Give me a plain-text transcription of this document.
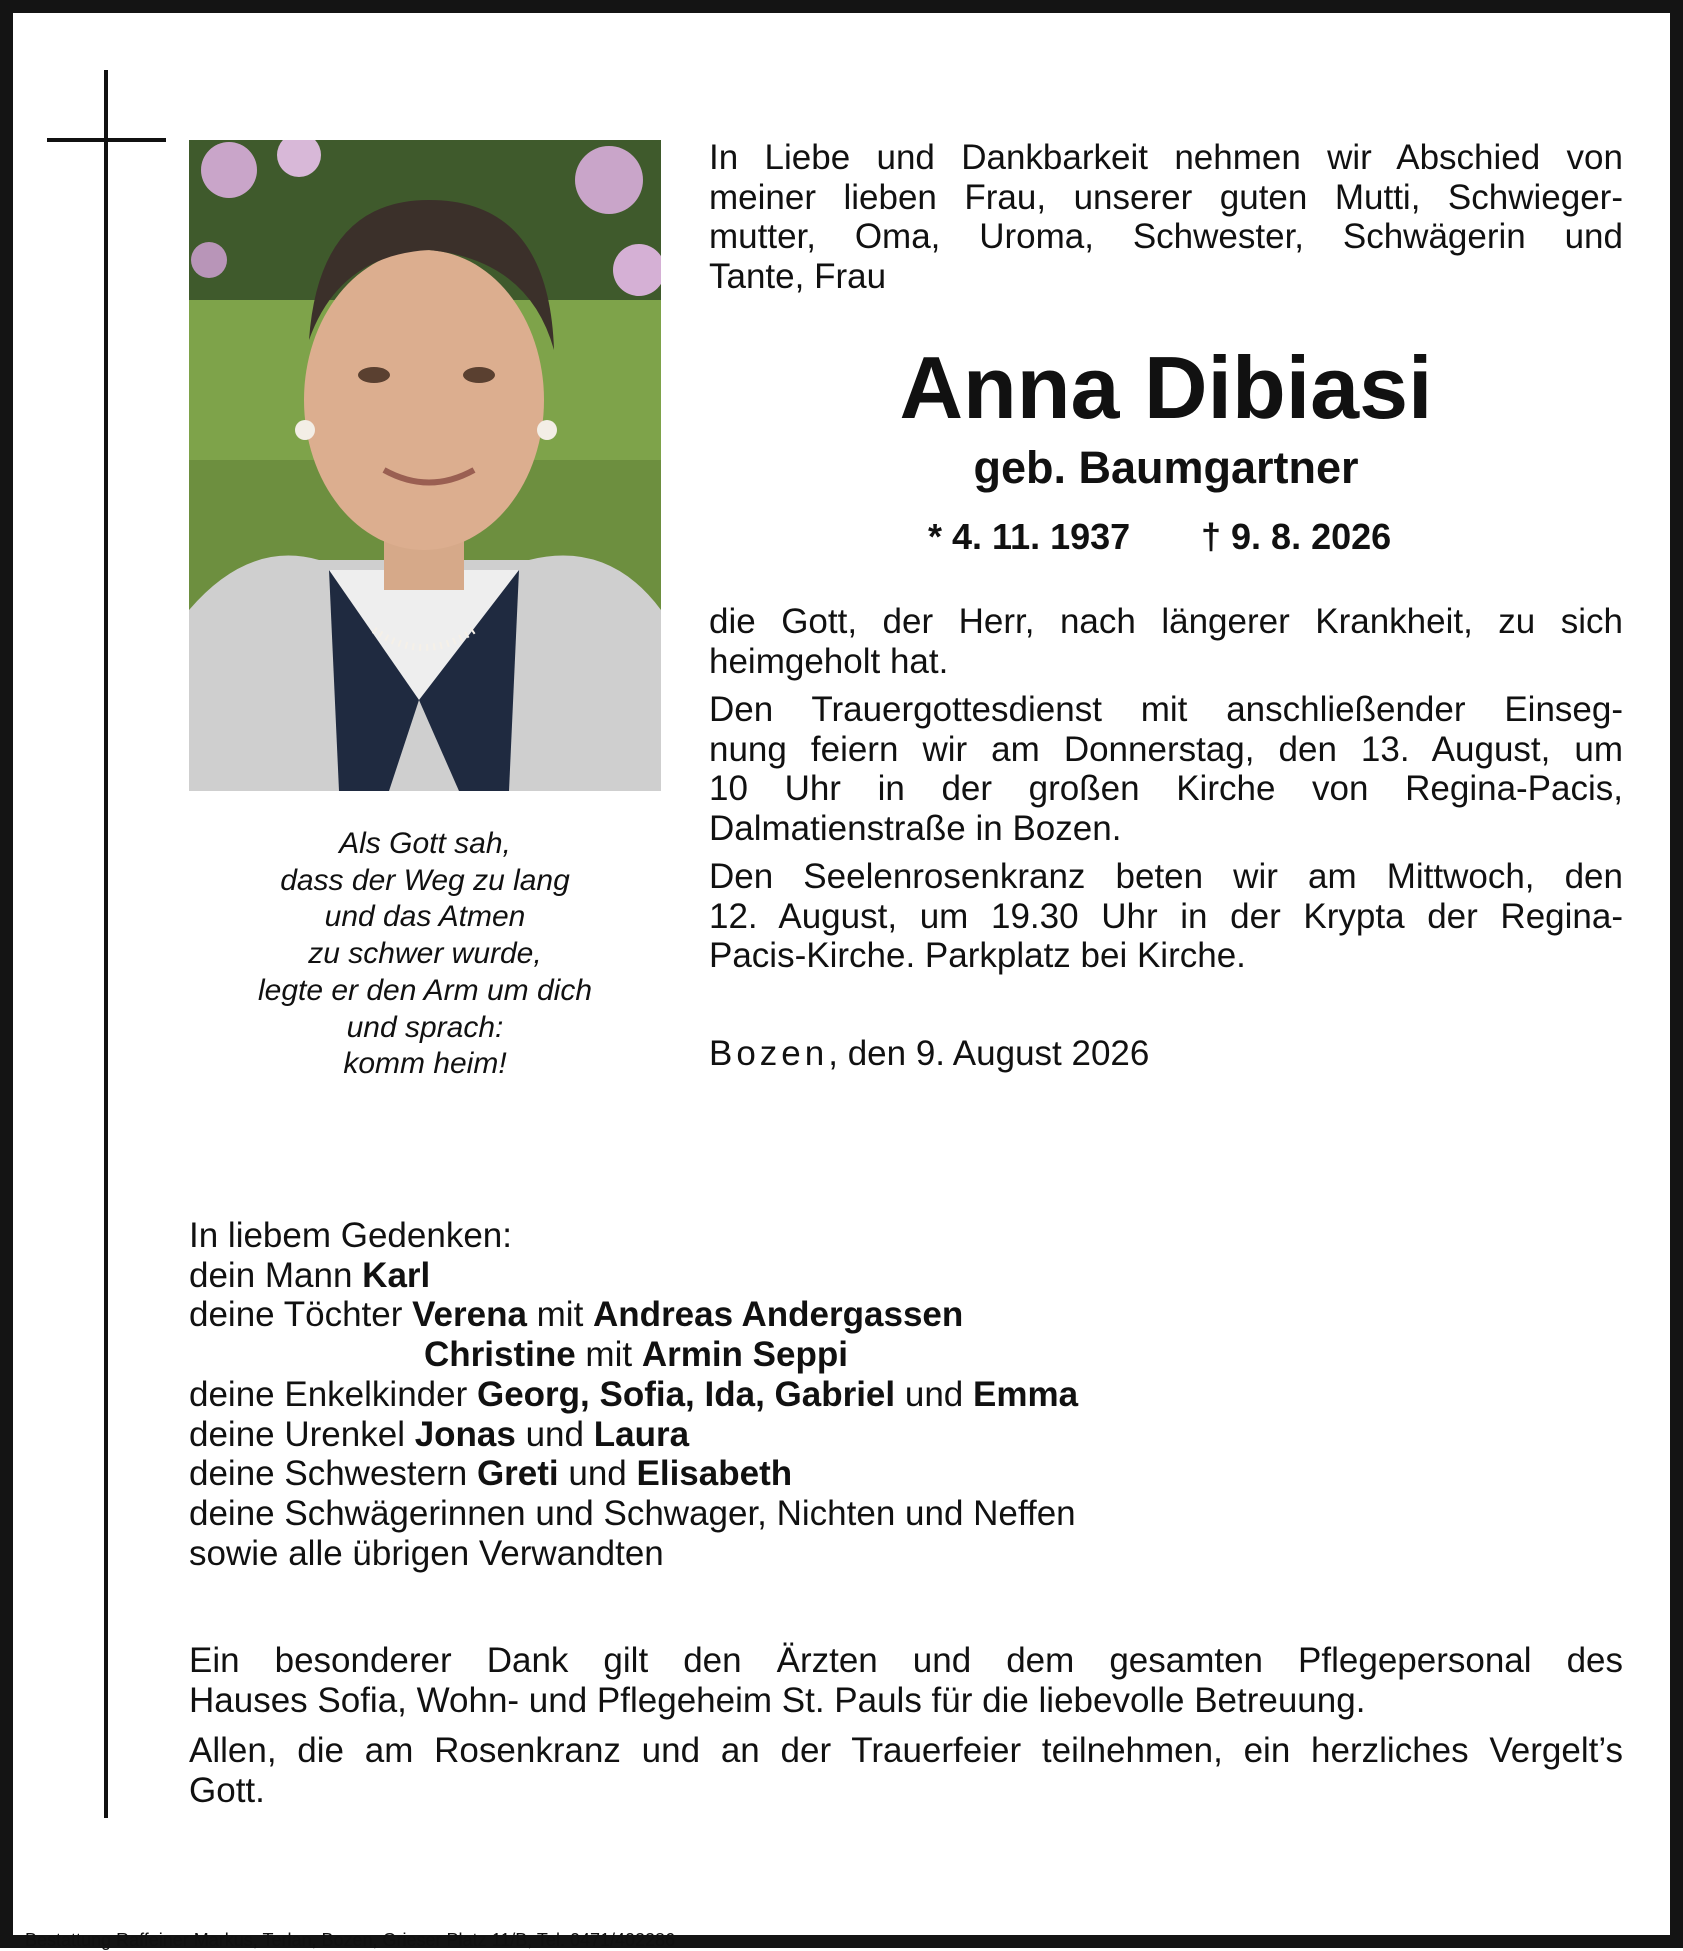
Als Gott sah,
dass der Weg zu lang
und das Atmen
zu schwer wurde,
legte er den Arm um dich
und sprach:
komm heim!
In Liebe und Dankbarkeit nehmen wir Abschied von
meiner lieben Frau, unserer guten Mutti, Schwieger-
mutter, Oma, Uroma, Schwester, Schwägerin und
Tante, Frau
Anna Dibiasi
geb. Baumgartner
* 4. 11. 1937 † 9. 8. 2026
die Gott, der Herr, nach längerer Krankheit, zu sich
heimgeholt hat.
Den Trauergottesdienst mit anschließender Einseg-
nung feiern wir am Donnerstag, den 13. August, um
10 Uhr in der großen Kirche von Regina-Pacis,
Dalmatienstraße in Bozen.
Den Seelenrosenkranz beten wir am Mittwoch, den
12. August, um 19.30 Uhr in der Krypta der Regina-
Pacis-Kirche. Parkplatz bei Kirche.
Bozen, den 9. August 2026
In liebem Gedenken:
dein Mann Karl
deine Töchter Verena mit Andreas Andergassen
Christine mit Armin Seppi
deine Enkelkinder Georg, Sofia, Ida, Gabriel und Emma
deine Urenkel Jonas und Laura
deine Schwestern Greti und Elisabeth
deine Schwägerinnen und Schwager, Nichten und Neffen
sowie alle übrigen Verwandten
Ein besonderer Dank gilt den Ärzten und dem gesamten Pflegepersonal des
Hauses Sofia, Wohn- und Pflegeheim St. Pauls für die liebevolle Betreuung.
Allen, die am Rosenkranz und an der Trauerfeier teilnehmen, ein herzliches Vergelt’s
Gott.
Bestattung Raffeiner Markus, Terlan, Bozen, Grieser Platz 11/B, Tel. 0471/402286
